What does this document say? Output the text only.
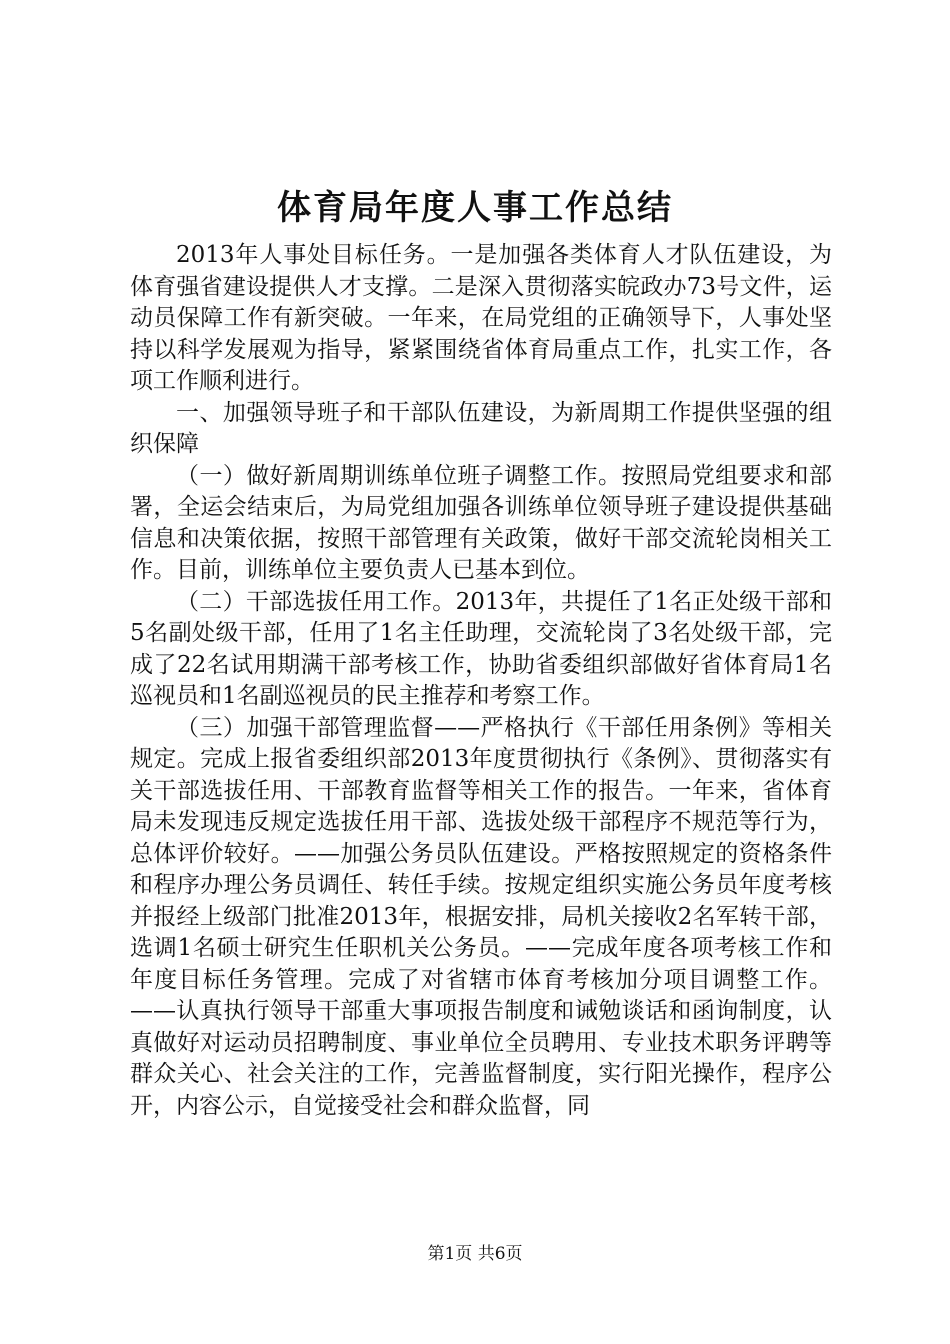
体育局年度人事工作总结

2013年人事处目标任务。一是加强各类体育人才队伍建设，为体育强省建设提供人才支撑。二是深入贯彻落实皖政办73号文件，运动员保障工作有新突破。一年来，在局党组的正确领导下，人事处坚持以科学发展观为指导，紧紧围绕省体育局重点工作，扎实工作，各项工作顺利进行。

一、加强领导班子和干部队伍建设，为新周期工作提供坚强的组织保障

（一）做好新周期训练单位班子调整工作。按照局党组要求和部署，全运会结束后，为局党组加强各训练单位领导班子建设提供基础信息和决策依据，按照干部管理有关政策，做好干部交流轮岗相关工作。目前，训练单位主要负责人已基本到位。

（二）干部选拔任用工作。2013年，共提任了1名正处级干部和5名副处级干部，任用了1名主任助理，交流轮岗了3名处级干部，完成了22名试用期满干部考核工作，协助省委组织部做好省体育局1名巡视员和1名副巡视员的民主推荐和考察工作。

（三）加强干部管理监督——严格执行《干部任用条例》等相关规定。完成上报省委组织部2013年度贯彻执行《条例》、贯彻落实有关干部选拔任用、干部教育监督等相关工作的报告。一年来，省体育局未发现违反规定选拔任用干部、选拔处级干部程序不规范等行为，总体评价较好。——加强公务员队伍建设。严格按照规定的资格条件和程序办理公务员调任、转任手续。按规定组织实施公务员年度考核并报经上级部门批准2013年，根据安排，局机关接收2名军转干部，选调1名硕士研究生任职机关公务员。——完成年度各项考核工作和年度目标任务管理。完成了对省辖市体育考核加分项目调整工作。——认真执行领导干部重大事项报告制度和诫勉谈话和函询制度，认真做好对运动员招聘制度、事业单位全员聘用、专业技术职务评聘等群众关心、社会关注的工作，完善监督制度，实行阳光操作，程序公开，内容公示，自觉接受社会和群众监督，同

第1页 共6页
